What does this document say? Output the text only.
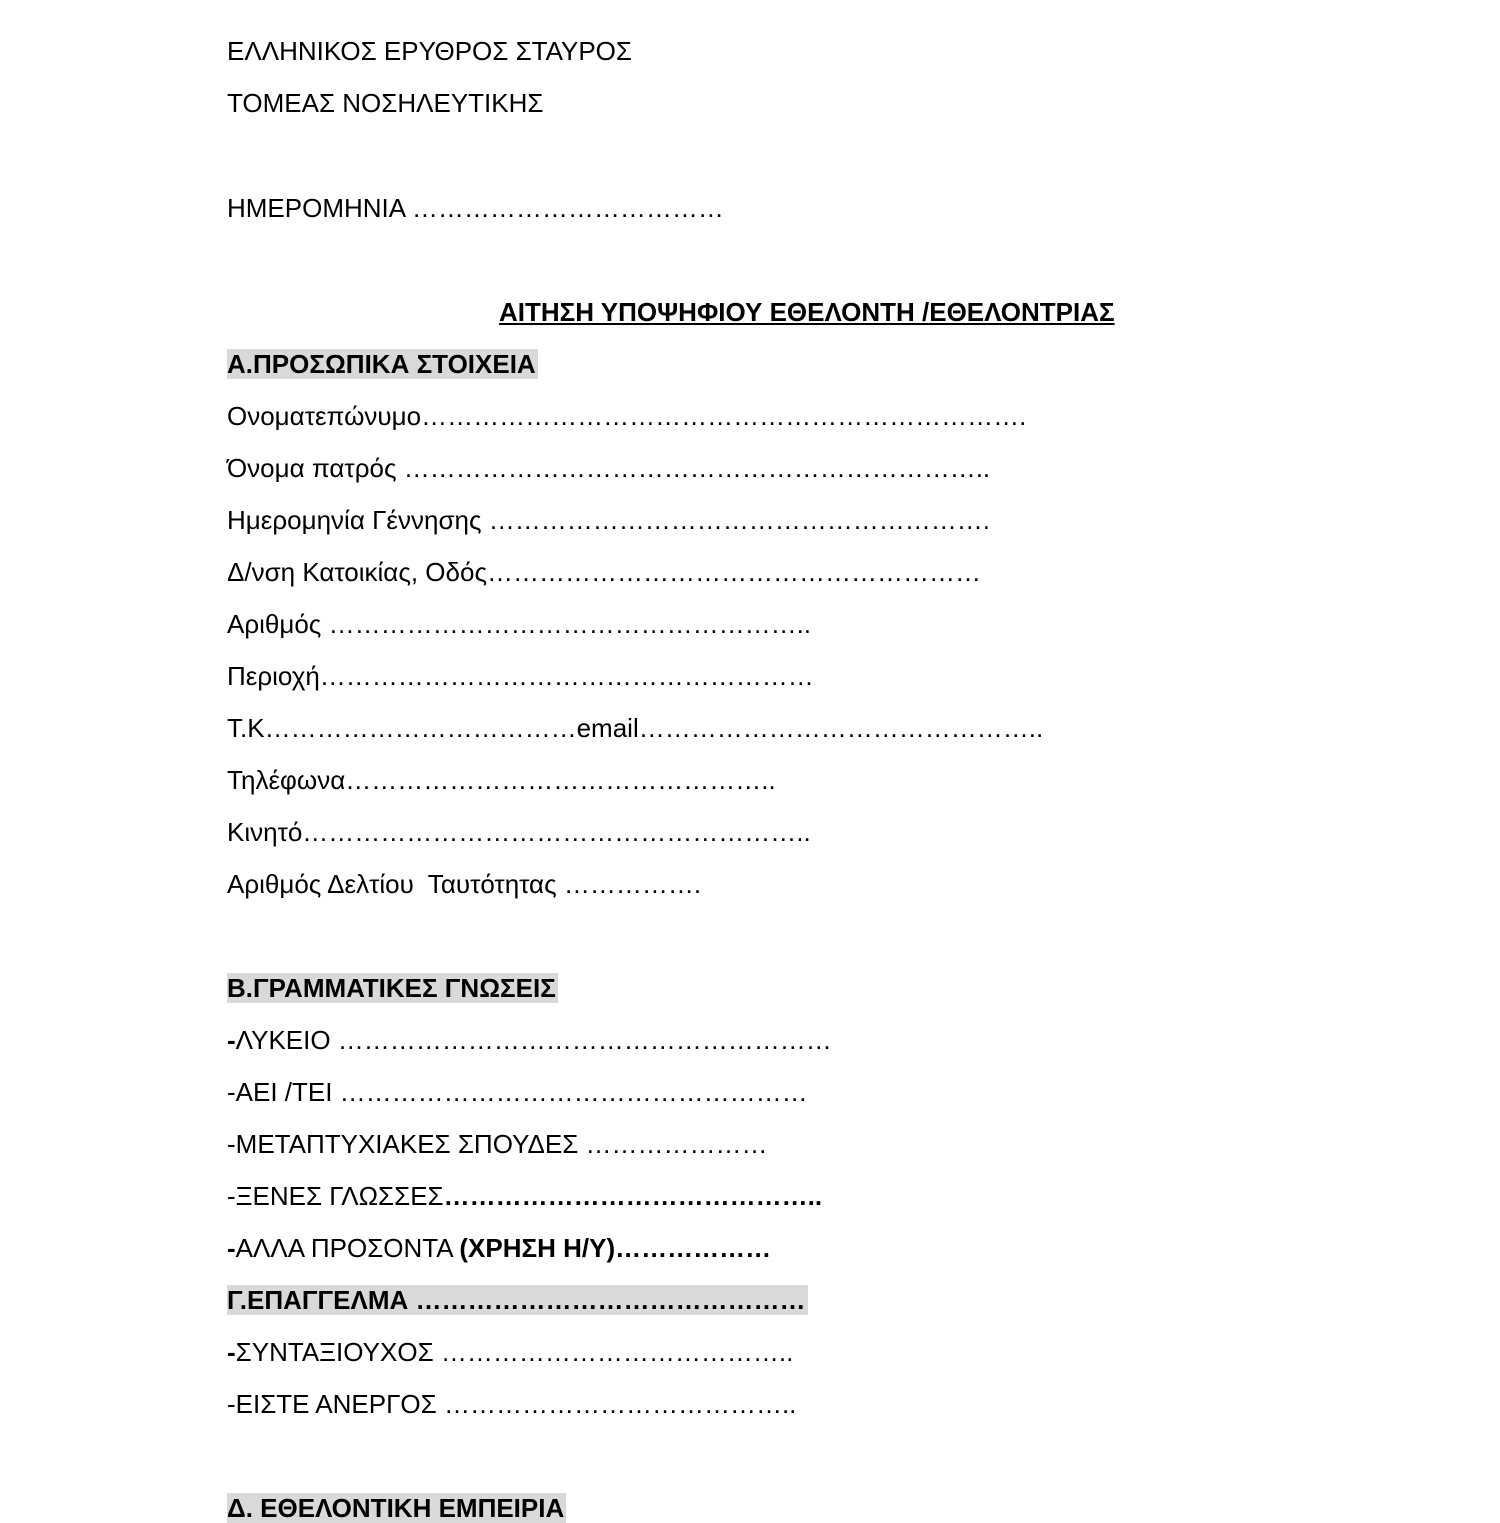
ΕΛΛΗΝΙΚΟΣ ΕΡΥΘΡΟΣ ΣΤΑΥΡΟΣ
ΤΟΜΕΑΣ ΝΟΣΗΛΕΥΤΙΚΗΣ
ΗΜΕΡΟΜΗΝΙΑ ………………………………
ΑΙΤΗΣΗ ΥΠΟΨΗΦΙΟΥ ΕΘΕΛΟΝΤΗ /ΕΘΕΛΟΝΤΡΙΑΣ
Α.ΠΡΟΣΩΠΙΚΑ ΣΤΟΙΧΕΙΑ
Ονοματεπώνυμο…………………………………………………………….
Όνομα πατρός …………………………………………………………..
Ημερομηνία Γέννησης ………………………………………………….
Δ/νση Κατοικίας, Οδός…………………………………………………
Αριθμός ………………………………………………..
Περιοχή…………………………………………………
Τ.Κ………………………………email………………………………………..
Τηλέφωνα…………………………………………..
Κινητό…………………………………………………..
Αριθμός Δελτίου  Ταυτότητας …………….
Β.ΓΡΑΜΜΑΤΙΚΕΣ ΓΝΩΣΕΙΣ
-ΛΥΚΕΙΟ …………………………………………………
-ΑΕΙ /ΤΕΙ ………………………………………………
-ΜΕΤΑΠΤΥΧΙΑΚΕΣ ΣΠΟΥΔΕΣ …………………
-ΞΕΝΕΣ ΓΛΩΣΣΕΣ……………………………………..
-ΑΛΛΑ ΠΡΟΣΟΝΤΑ (ΧΡΗΣΗ Η/Υ)………………
Γ.ΕΠΑΓΓΕΛΜΑ ………………………………………
-ΣΥΝΤΑΞΙΟΥΧΟΣ …………………………………..
-ΕΙΣΤΕ ΑΝΕΡΓΟΣ …………………………………..
Δ. ΕΘΕΛΟΝΤΙΚΗ ΕΜΠΕΙΡΙΑ
